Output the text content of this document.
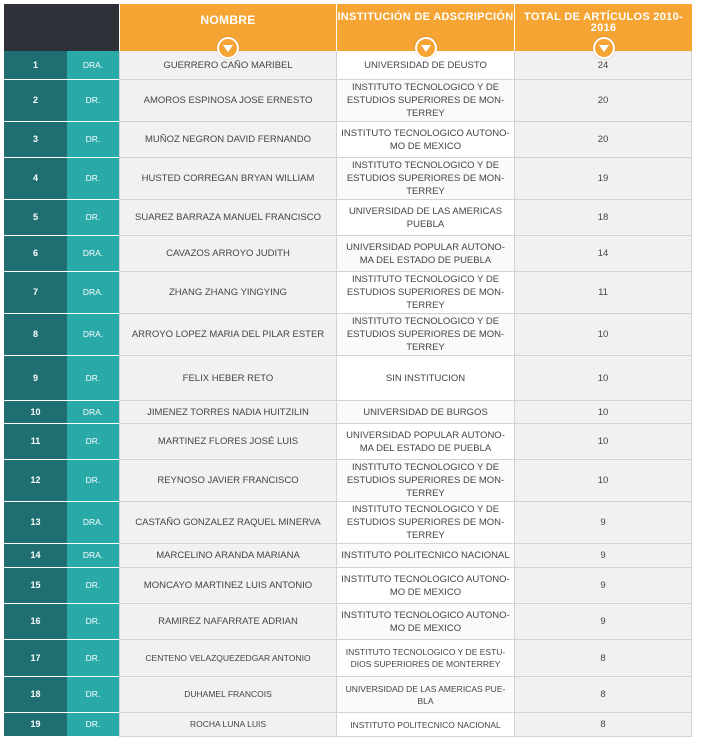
		NOMBRE	INSTITUCIÓN DE ADSCRIPCIÓN	TOTAL DE ARTÍCULOS 2010-2016

1	DRA.	GUERRERO CAÑO MARIBEL	UNIVERSIDAD DE DEUSTO	24
2	DR.	AMOROS ESPINOSA JOSE ERNESTO	INSTITUTO TECNOLOGICO Y DE ESTUDIOS SUPERIORES DE MON-TERREY	20
3	DR.	MUÑOZ NEGRON DAVID FERNANDO	INSTITUTO TECNOLOGICO AUTONO-MO DE MEXICO	20
4	DR.	HUSTED CORREGAN BRYAN WILLIAM	INSTITUTO TECNOLOGICO Y DE ESTUDIOS SUPERIORES DE MON-TERREY	19
5	DR.	SUAREZ BARRAZA MANUEL FRANCISCO	UNIVERSIDAD DE LAS AMERICAS PUEBLA	18
6	DRA.	CAVAZOS ARROYO JUDITH	UNIVERSIDAD POPULAR AUTONO-MA DEL ESTADO DE PUEBLA	14
7	DRA.	ZHANG ZHANG YINGYING	INSTITUTO TECNOLOGICO Y DE ESTUDIOS SUPERIORES DE MON-TERREY	11
8	DRA.	ARROYO LOPEZ MARIA DEL PILAR ESTER	INSTITUTO TECNOLOGICO Y DE ESTUDIOS SUPERIORES DE MON-TERREY	10
9	DR.	FELIX HEBER RETO	SIN INSTITUCION	10
10	DRA.	JIMENEZ TORRES NADIA HUITZILIN	UNIVERSIDAD DE BURGOS	10
11	DR.	MARTINEZ FLORES JOSÉ LUIS	UNIVERSIDAD POPULAR AUTONO-MA DEL ESTADO DE PUEBLA	10
12	DR.	REYNOSO JAVIER FRANCISCO	INSTITUTO TECNOLOGICO Y DE ESTUDIOS SUPERIORES DE MON-TERREY	10
13	DRA.	CASTAÑO GONZALEZ RAQUEL MINERVA	INSTITUTO TECNOLOGICO Y DE ESTUDIOS SUPERIORES DE MON-TERREY	9
14	DRA.	MARCELINO ARANDA MARIANA	INSTITUTO POLITECNICO NACIONAL	9
15	DR.	MONCAYO MARTINEZ LUIS ANTONIO	INSTITUTO TECNOLOGICO AUTONO-MO DE MEXICO	9
16	DR.	RAMIREZ NAFARRATE ADRIAN	INSTITUTO TECNOLOGICO AUTONO-MO DE MEXICO	9
17	DR.	CENTENO VELAZQUEZEDGAR ANTONIO	INSTITUTO TECNOLOGICO Y DE ESTU-DIOS SUPERIORES DE MONTERREY	8
18	DR.	DUHAMEL FRANCOIS	UNIVERSIDAD DE LAS AMERICAS PUE-BLA	8
19	DR.	ROCHA LUNA LUIS	INSTITUTO POLITECNICO NACIONAL	8
